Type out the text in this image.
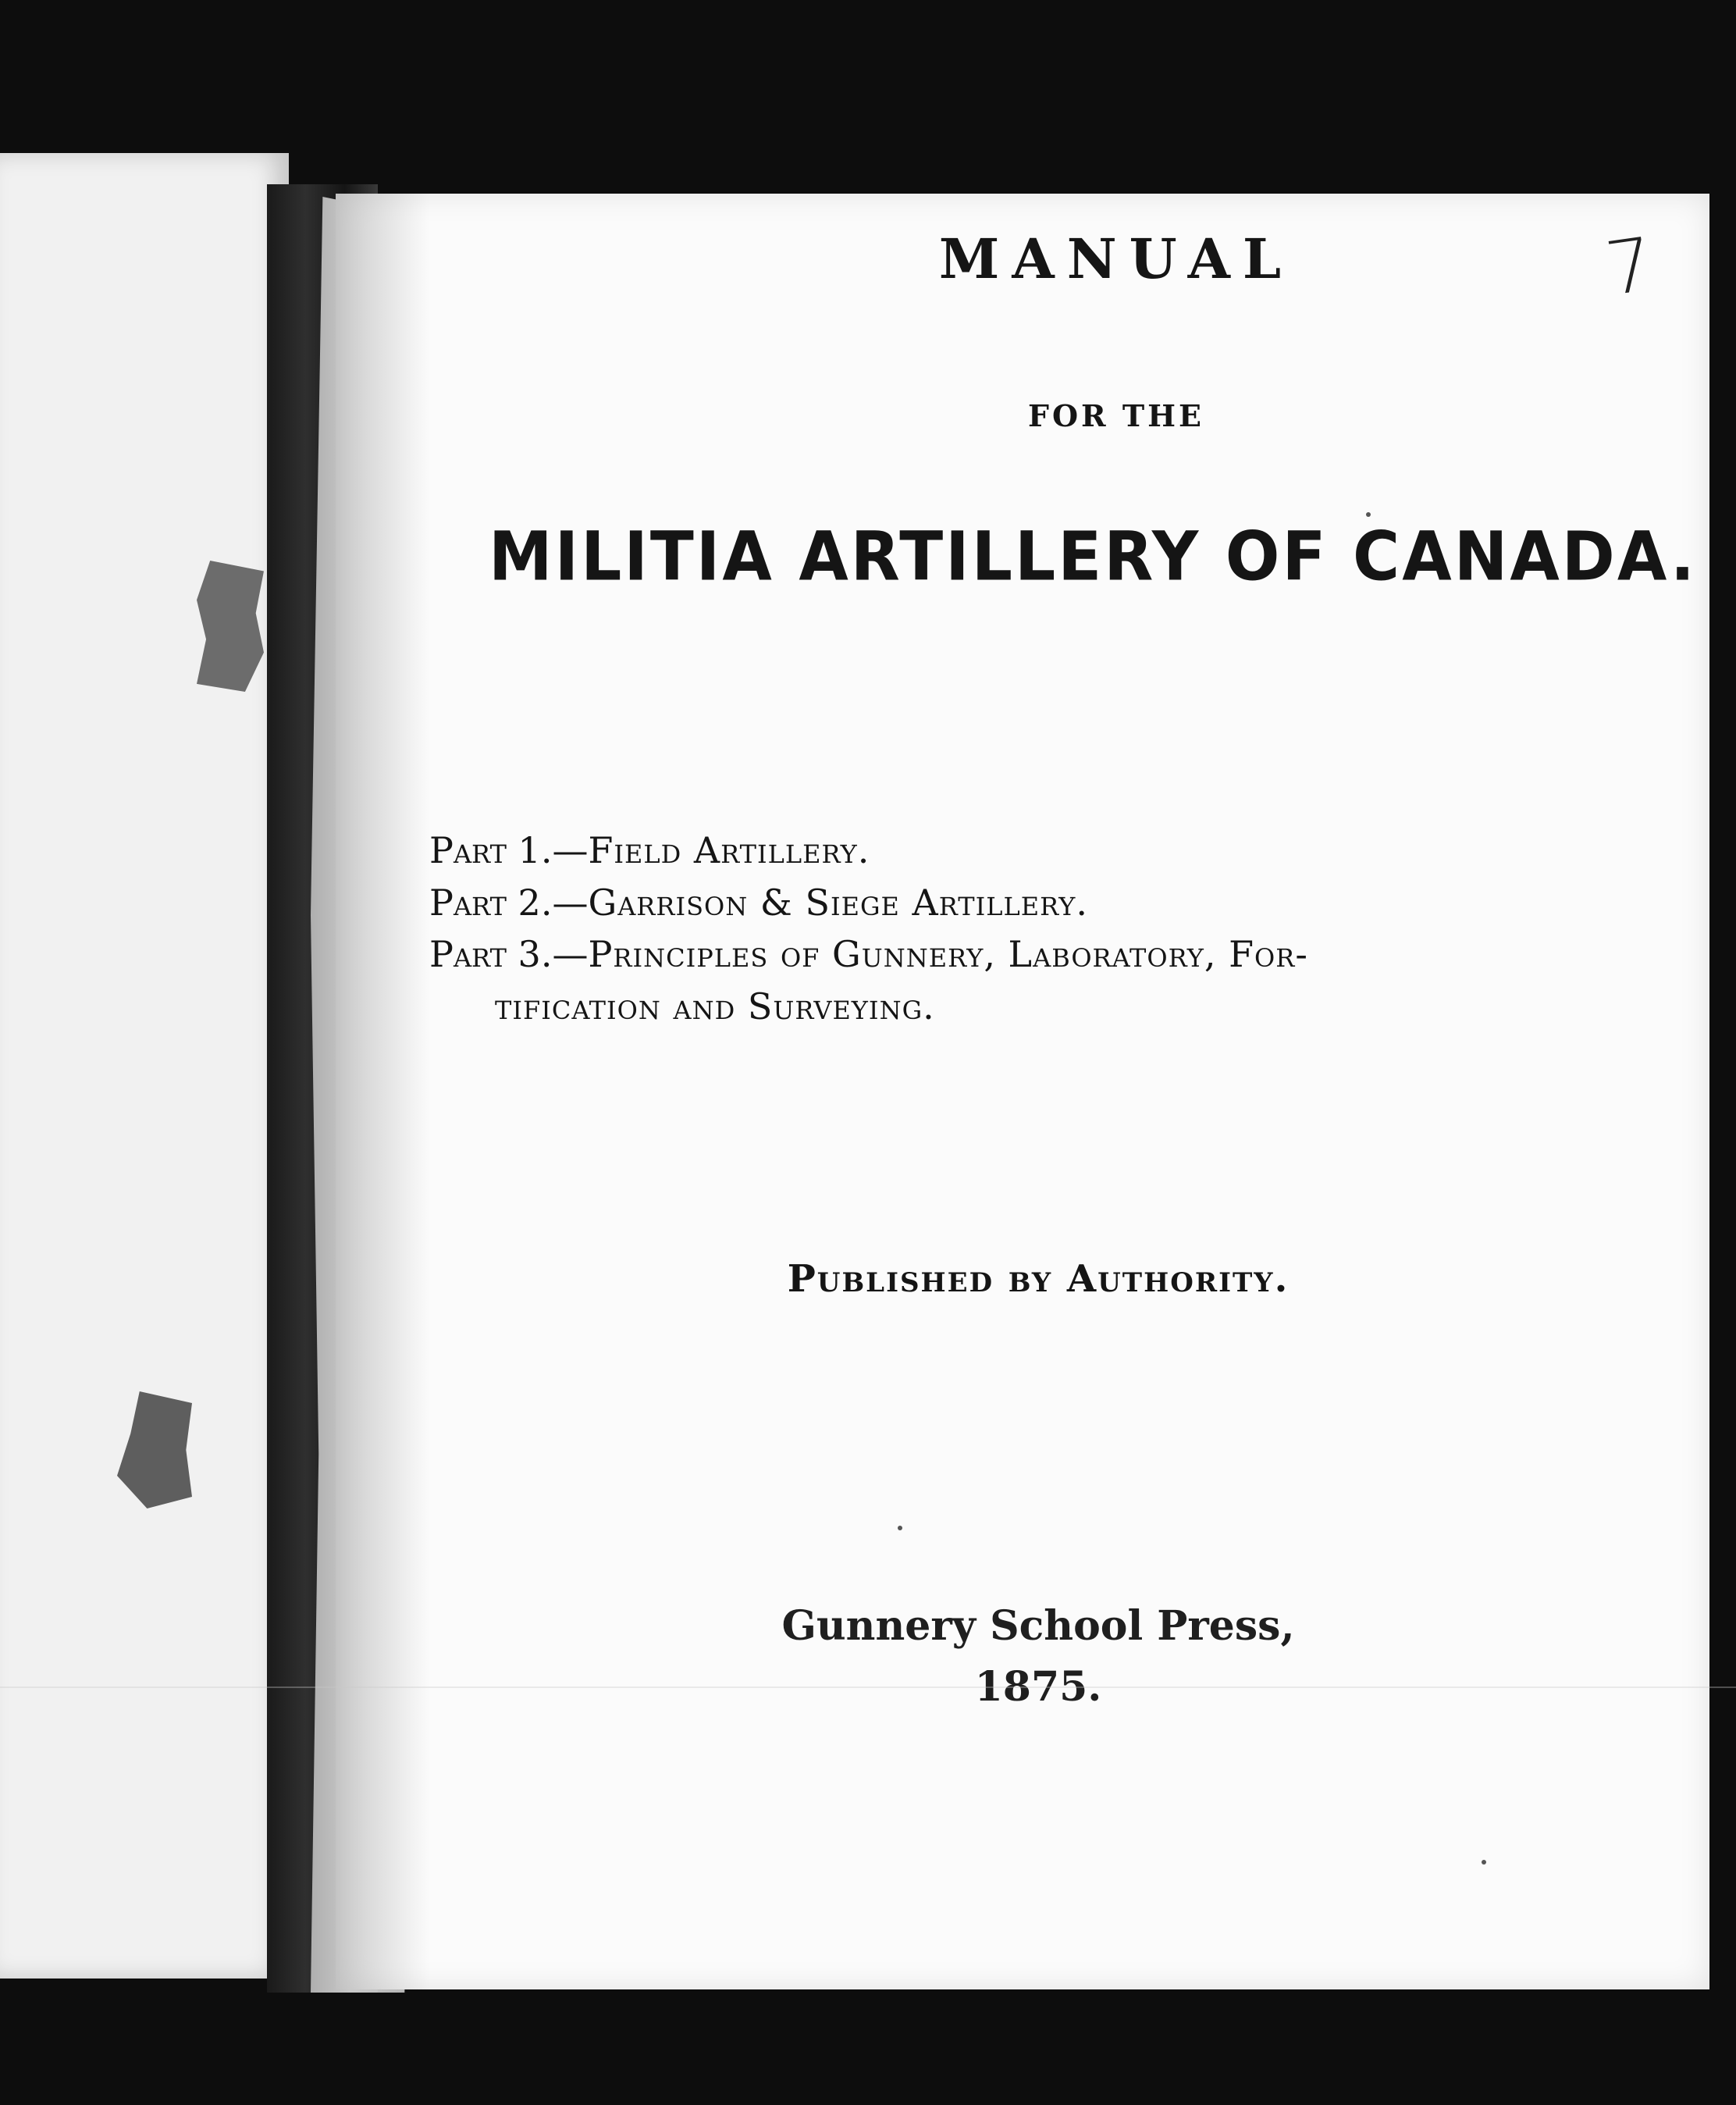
MANUAL	7

FOR THE

MILITIA ARTILLERY OF CANADA.

Part 1.—Field Artillery.

Part 2.—Garrison & Siege Artillery.

Part 3.—Principles of Gunnery, Laboratory, For-

tification and Surveying.

Published by Authority.

Gunnery School Press,

1875.
